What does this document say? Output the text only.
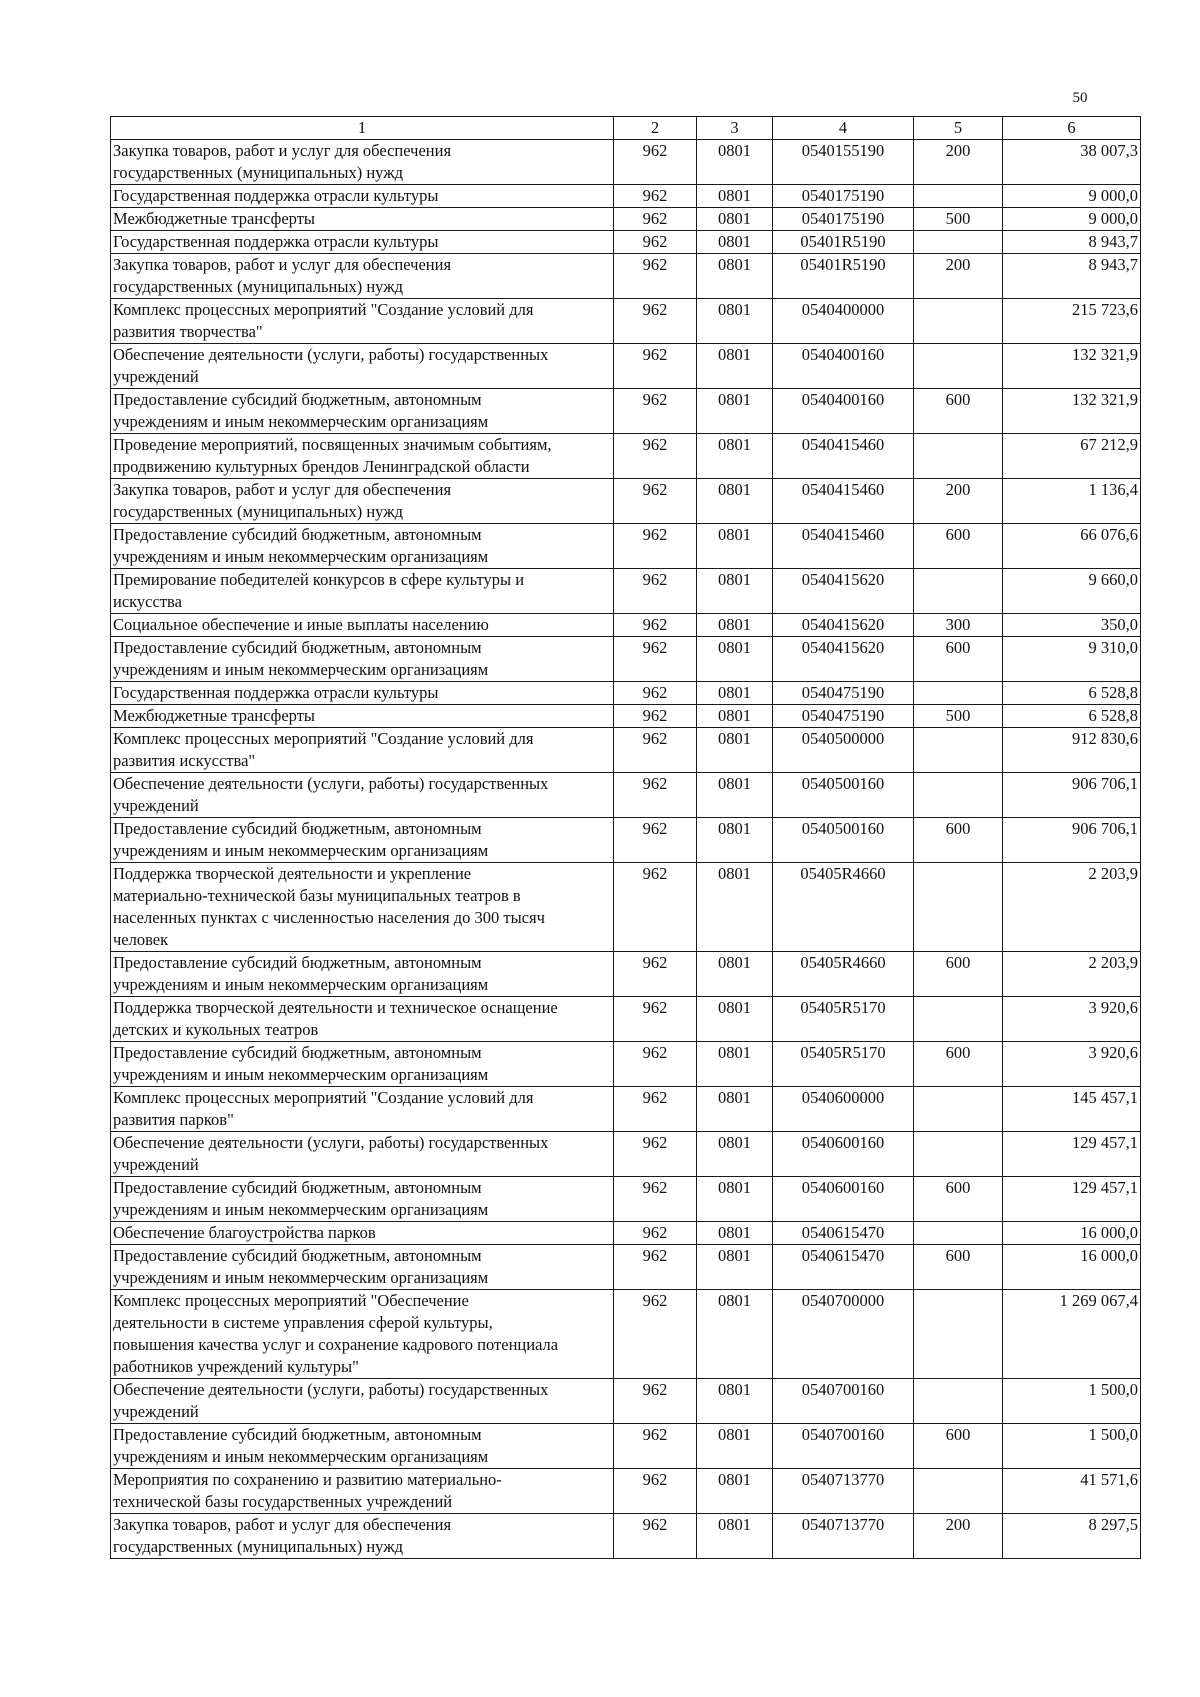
50
1	2	3	4	5	6

Закупка товаров, работ и услуг для обеспечения
государственных (муниципальных) нужд	962	0801	0540155190	200	38 007,3

Государственная поддержка отрасли культуры	962	0801	0540175190		9 000,0

Межбюджетные трансферты	962	0801	0540175190	500	9 000,0

Государственная поддержка отрасли культуры	962	0801	05401R5190		8 943,7

Закупка товаров, работ и услуг для обеспечения
государственных (муниципальных) нужд	962	0801	05401R5190	200	8 943,7

Комплекс процессных мероприятий "Создание условий для
развития творчества"	962	0801	0540400000		215 723,6

Обеспечение деятельности (услуги, работы) государственных
учреждений	962	0801	0540400160		132 321,9

Предоставление субсидий бюджетным, автономным
учреждениям и иным некоммерческим организациям	962	0801	0540400160	600	132 321,9

Проведение мероприятий, посвященных значимым событиям,
продвижению культурных брендов Ленинградской области	962	0801	0540415460		67 212,9

Закупка товаров, работ и услуг для обеспечения
государственных (муниципальных) нужд	962	0801	0540415460	200	1 136,4

Предоставление субсидий бюджетным, автономным
учреждениям и иным некоммерческим организациям	962	0801	0540415460	600	66 076,6

Премирование победителей конкурсов в сфере культуры и
искусства	962	0801	0540415620		9 660,0

Социальное обеспечение и иные выплаты населению	962	0801	0540415620	300	350,0

Предоставление субсидий бюджетным, автономным
учреждениям и иным некоммерческим организациям	962	0801	0540415620	600	9 310,0

Государственная поддержка отрасли культуры	962	0801	0540475190		6 528,8

Межбюджетные трансферты	962	0801	0540475190	500	6 528,8

Комплекс процессных мероприятий "Создание условий для
развития искусства"	962	0801	0540500000		912 830,6

Обеспечение деятельности (услуги, работы) государственных
учреждений	962	0801	0540500160		906 706,1

Предоставление субсидий бюджетным, автономным
учреждениям и иным некоммерческим организациям	962	0801	0540500160	600	906 706,1

Поддержка творческой деятельности и укрепление
материально-технической базы муниципальных театров в
населенных пунктах с численностью населения до 300 тысяч
человек	962	0801	05405R4660		2 203,9

Предоставление субсидий бюджетным, автономным
учреждениям и иным некоммерческим организациям	962	0801	05405R4660	600	2 203,9

Поддержка творческой деятельности и техническое оснащение
детских и кукольных театров	962	0801	05405R5170		3 920,6

Предоставление субсидий бюджетным, автономным
учреждениям и иным некоммерческим организациям	962	0801	05405R5170	600	3 920,6

Комплекс процессных мероприятий "Создание условий для
развития парков"	962	0801	0540600000		145 457,1

Обеспечение деятельности (услуги, работы) государственных
учреждений	962	0801	0540600160		129 457,1

Предоставление субсидий бюджетным, автономным
учреждениям и иным некоммерческим организациям	962	0801	0540600160	600	129 457,1

Обеспечение благоустройства парков	962	0801	0540615470		16 000,0

Предоставление субсидий бюджетным, автономным
учреждениям и иным некоммерческим организациям	962	0801	0540615470	600	16 000,0

Комплекс процессных мероприятий "Обеспечение
деятельности в системе управления сферой культуры,
повышения качества услуг и сохранение кадрового потенциала
работников учреждений культуры"	962	0801	0540700000		1 269 067,4

Обеспечение деятельности (услуги, работы) государственных
учреждений	962	0801	0540700160		1 500,0

Предоставление субсидий бюджетным, автономным
учреждениям и иным некоммерческим организациям	962	0801	0540700160	600	1 500,0

Мероприятия по сохранению и развитию материально-
технической базы государственных учреждений	962	0801	0540713770		41 571,6

Закупка товаров, работ и услуг для обеспечения
государственных (муниципальных) нужд	962	0801	0540713770	200	8 297,5
